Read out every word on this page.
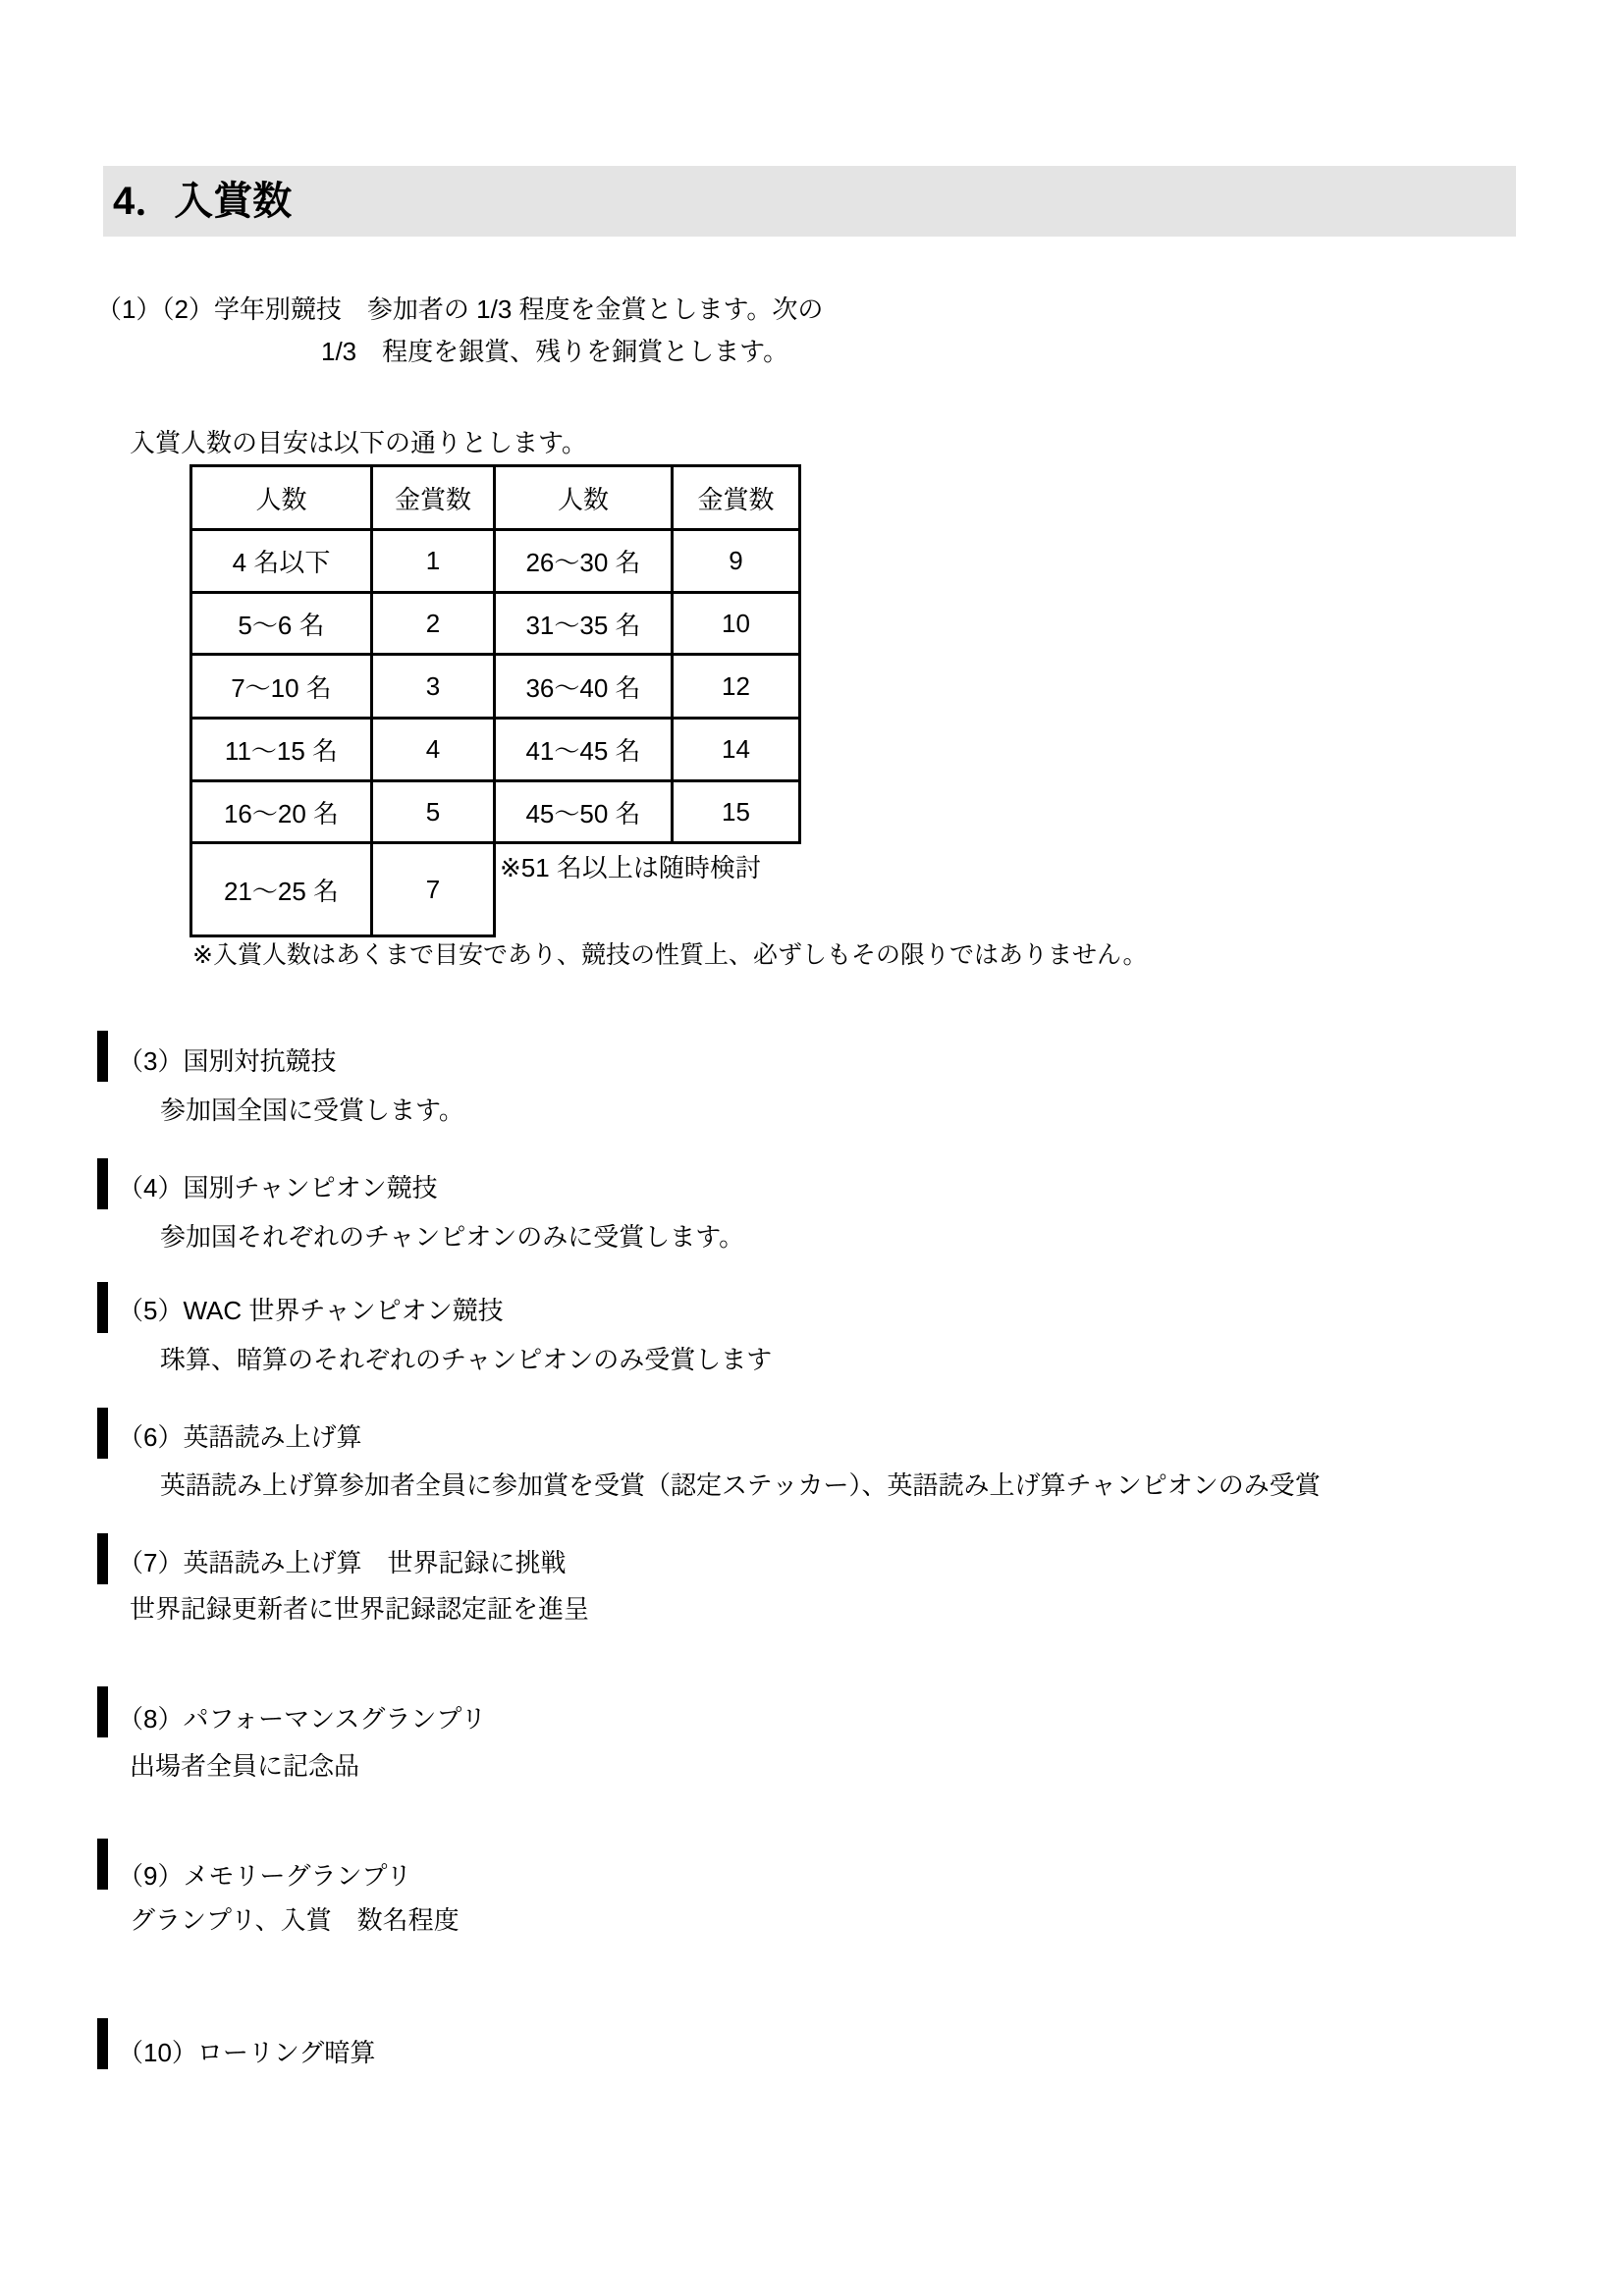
4．入賞数
（1）（2）学年別競技　参加者の 1/3 程度を金賞とします。次の
1/3　程度を銀賞、残りを銅賞とします。
入賞人数の目安は以下の通りとします。
人数	金賞数	人数	金賞数
4 名以下	1	26～30 名	9
5～6 名	2	31～35 名	10
7～10 名	3	36～40 名	12
11～15 名	4	41～45 名	14
16～20 名	5	45～50 名	15
21～25 名	7	※51 名以上は随時検討	
※入賞人数はあくまで目安であり、競技の性質上、必ずしもその限りではありません。
（3）国別対抗競技
参加国全国に受賞します。
（4）国別チャンピオン競技
参加国それぞれのチャンピオンのみに受賞します。
（5）WAC 世界チャンピオン競技
珠算、暗算のそれぞれのチャンピオンのみ受賞します
（6）英語読み上げ算
英語読み上げ算参加者全員に参加賞を受賞（認定ステッカー）、英語読み上げ算チャンピオンのみ受賞
（7）英語読み上げ算　世界記録に挑戦
世界記録更新者に世界記録認定証を進呈
（8）パフォーマンスグランプリ
出場者全員に記念品
（9）メモリーグランプリ
グランプリ、入賞　数名程度
（10）ローリング暗算
